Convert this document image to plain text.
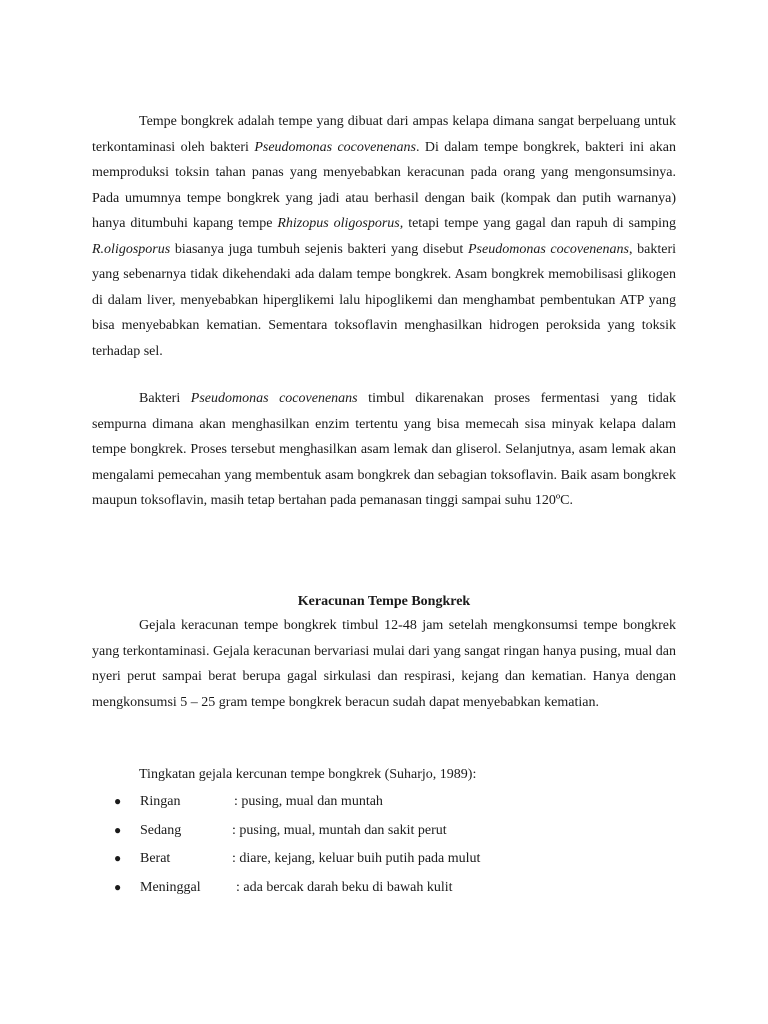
Tempe bongkrek adalah tempe yang dibuat dari ampas kelapa dimana sangat berpeluang untuk terkontaminasi oleh bakteri Pseudomonas cocovenenans. Di dalam tempe bongkrek, bakteri ini akan memproduksi toksin tahan panas yang menyebabkan keracunan pada orang yang mengonsumsinya. Pada umumnya tempe bongkrek yang jadi atau berhasil dengan baik (kompak dan putih warnanya) hanya ditumbuhi kapang tempe Rhizopus oligosporus, tetapi tempe yang gagal dan rapuh di samping R.oligosporus biasanya juga tumbuh sejenis bakteri yang disebut Pseudomonas cocovenenans, bakteri yang sebenarnya tidak dikehendaki ada dalam tempe bongkrek. Asam bongkrek memobilisasi glikogen di dalam liver, menyebabkan hiperglikemi lalu hipoglikemi dan menghambat pembentukan ATP yang bisa menyebabkan kematian. Sementara toksoflavin menghasilkan hidrogen peroksida yang toksik terhadap sel.

Bakteri Pseudomonas cocovenenans timbul dikarenakan proses fermentasi yang tidak sempurna dimana akan menghasilkan enzim tertentu yang bisa memecah sisa minyak kelapa dalam tempe bongkrek. Proses tersebut menghasilkan asam lemak dan gliserol. Selanjutnya, asam lemak akan mengalami pemecahan yang membentuk asam bongkrek dan sebagian toksoflavin. Baik asam bongkrek maupun toksoflavin, masih tetap bertahan pada pemanasan tinggi sampai suhu 120ºC.

Keracunan Tempe Bongkrek

Gejala keracunan tempe bongkrek timbul 12-48 jam setelah mengkonsumsi tempe bongkrek yang terkontaminasi. Gejala keracunan bervariasi mulai dari yang sangat ringan hanya pusing, mual dan nyeri perut sampai berat berupa gagal sirkulasi dan respirasi, kejang dan kematian. Hanya dengan mengkonsumsi 5 – 25 gram tempe bongkrek beracun sudah dapat menyebabkan kematian.

Tingkatan gejala kercunan tempe bongkrek (Suharjo, 1989):
● Ringan	: pusing, mual dan muntah
● Sedang	: pusing, mual, muntah dan sakit perut
● Berat	: diare, kejang, keluar buih putih pada mulut
● Meninggal	: ada bercak darah beku di bawah kulit
